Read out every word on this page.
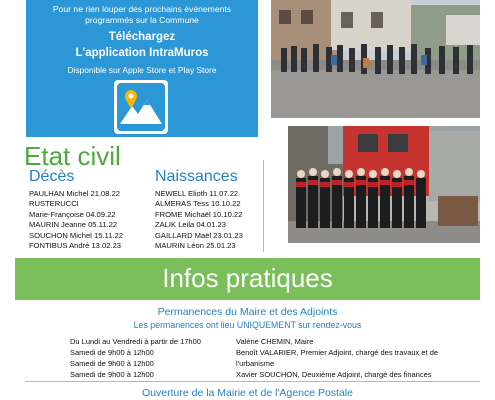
Pour ne rien louper des prochains événements
programmés sur la Commune
Téléchargez
L'application IntraMuros
Disponible sur Apple Store et Play Store
Etat civil
Décès
PAULHAN Michel 21.08.22
RUSTERUCCI
Marie-Françoise 04.09.22
MAURIN Jeanne 05.11.22
SOUCHON Michel 15.11.22
FONTIBUS André 13.02.23
Naissances
NEWELL Elioth 11.07.22
ALMERAS Tess 10.10.22
FROME Michaël 10.10.22
ZALIK Leila 04.01.23
GAILLARD Maël 23.01.23
MAURIN Léon 25.01.23
Infos pratiques
Permanences du Maire et des Adjoints
Les permanences ont lieu UNIQUEMENT sur rendez-vous
Du Lundi au Vendredi à partir de 17h00
Samedi de 9h00 à 12h00
Samedi de 9h00 à 12h00
Samedi de 9h00 à 12h00
Valérie CHEMIN, Maire
Benoît VALARIER, Premier Adjoint, chargé des travaux et de
l'urbanisme
Xavier SOUCHON, Deuxième Adjoint, chargé des finances
Ouverture de la Mairie et de l'Agence Postale
